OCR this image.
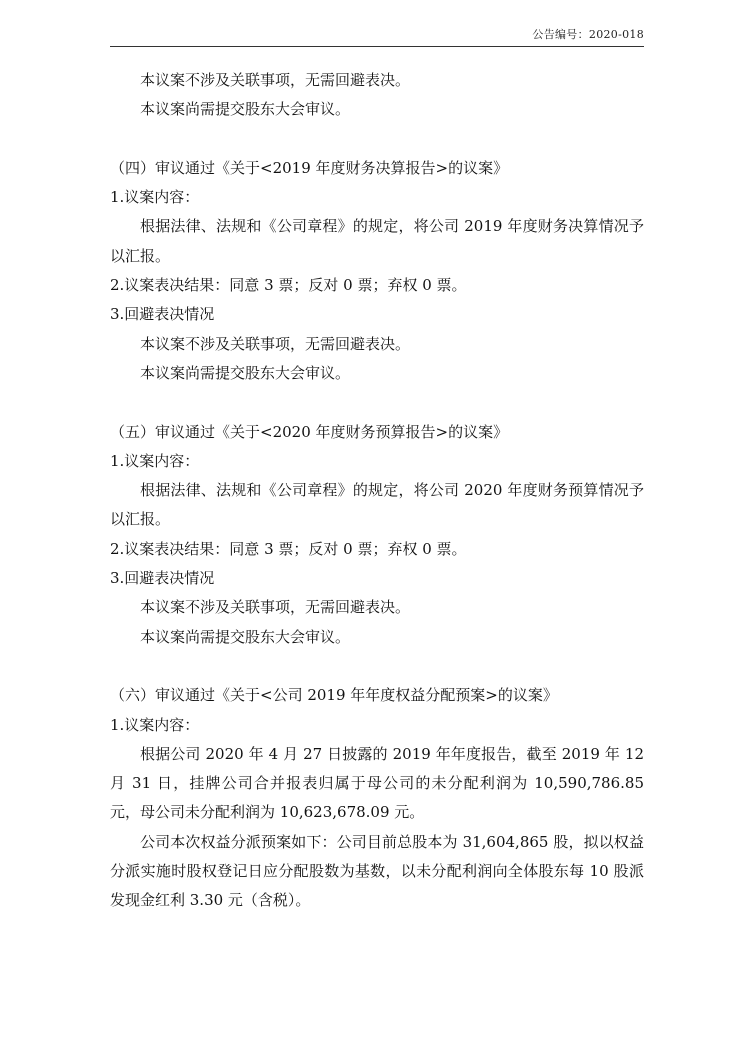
公告编号：2020-018
本议案不涉及关联事项，无需回避表决。
本议案尚需提交股东大会审议。
（四）审议通过《关于<2019 年度财务决算报告>的议案》
1.议案内容：
根据法律、法规和《公司章程》的规定，将公司 2019 年度财务决算情况予以汇报。
2.议案表决结果：同意 3 票；反对 0 票；弃权 0 票。
3.回避表决情况
本议案不涉及关联事项，无需回避表决。
本议案尚需提交股东大会审议。
（五）审议通过《关于<2020 年度财务预算报告>的议案》
1.议案内容：
根据法律、法规和《公司章程》的规定，将公司 2020 年度财务预算情况予以汇报。
2.议案表决结果：同意 3 票；反对 0 票；弃权 0 票。
3.回避表决情况
本议案不涉及关联事项，无需回避表决。
本议案尚需提交股东大会审议。
（六）审议通过《关于<公司 2019 年年度权益分配预案>的议案》
1.议案内容：
根据公司 2020 年 4 月 27 日披露的 2019 年年度报告，截至 2019 年 12 月 31 日，挂牌公司合并报表归属于母公司的未分配利润为 10,590,786.85 元，母公司未分配利润为 10,623,678.09 元。
公司本次权益分派预案如下：公司目前总股本为 31,604,865 股，拟以权益分派实施时股权登记日应分配股数为基数，以未分配利润向全体股东每 10 股派发现金红利 3.30 元（含税）。
